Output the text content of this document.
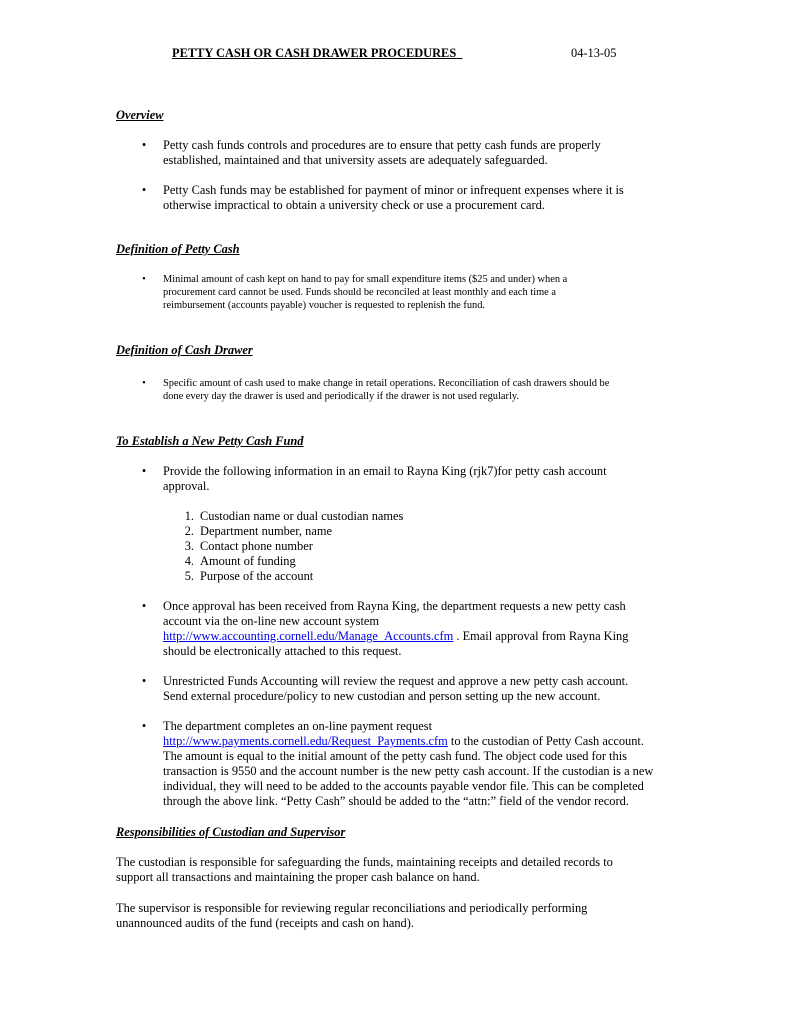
PETTY CASH OR CASH DRAWER PROCEDURES	04-13-05
Overview
• Petty cash funds controls and procedures are to ensure that petty cash funds are properly
established, maintained and that university assets are adequately safeguarded.
• Petty Cash funds may be established for payment of minor or infrequent expenses where it is
otherwise impractical to obtain a university check or use a procurement card.
Definition of Petty Cash
• Minimal amount of cash kept on hand to pay for small expenditure items ($25 and under) when a
procurement card cannot be used. Funds should be reconciled at least monthly and each time a
reimbursement (accounts payable) voucher is requested to replenish the fund.
Definition of Cash Drawer
• Specific amount of cash used to make change in retail operations. Reconciliation of cash drawers should be
done every day the drawer is used and periodically if the drawer is not used regularly.
To Establish a New Petty Cash Fund
• Provide the following information in an email to Rayna King (rjk7)for petty cash account
approval.
1. Custodian name or dual custodian names
2. Department number, name
3. Contact phone number
4. Amount of funding
5. Purpose of the account
• Once approval has been received from Rayna King, the department requests a new petty cash
account via the on-line new account system
http://www.accounting.cornell.edu/Manage_Accounts.cfm . Email approval from Rayna King
should be electronically attached to this request.
• Unrestricted Funds Accounting will review the request and approve a new petty cash account.
Send external procedure/policy to new custodian and person setting up the new account.
• The department completes an on-line payment request
http://www.payments.cornell.edu/Request_Payments.cfm to the custodian of Petty Cash account.
The amount is equal to the initial amount of the petty cash fund. The object code used for this
transaction is 9550 and the account number is the new petty cash account. If the custodian is a new
individual, they will need to be added to the accounts payable vendor file. This can be completed
through the above link. “Petty Cash” should be added to the “attn:” field of the vendor record.
Responsibilities of Custodian and Supervisor
The custodian is responsible for safeguarding the funds, maintaining receipts and detailed records to
support all transactions and maintaining the proper cash balance on hand.
The supervisor is responsible for reviewing regular reconciliations and periodically performing
unannounced audits of the fund (receipts and cash on hand).
